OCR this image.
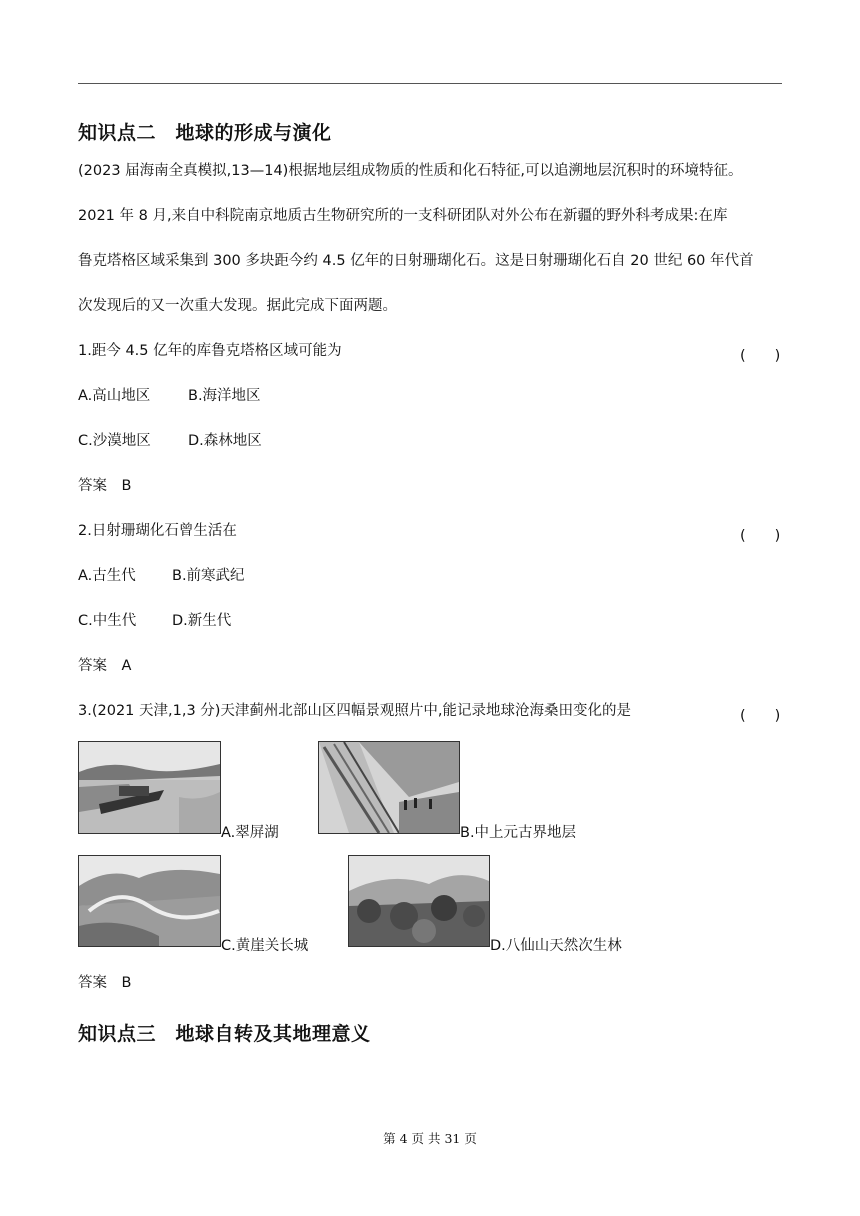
知识点二　地球的形成与演化
(2023 届海南全真模拟,13—14)根据地层组成物质的性质和化石特征,可以追溯地层沉积时的环境特征。
2021 年 8 月,来自中科院南京地质古生物研究所的一支科研团队对外公布在新疆的野外科考成果:在库
鲁克塔格区域采集到 300 多块距今约 4.5 亿年的日射珊瑚化石。这是日射珊瑚化石自 20 世纪 60 年代首
次发现后的又一次重大发现。据此完成下面两题。
1.距今 4.5 亿年的库鲁克塔格区域可能为	(　　)
A.高山地区	B.海洋地区
C.沙漠地区	D.森林地区
答案　B
2.日射珊瑚化石曾生活在	(　　)
A.古生代 B.前寒武纪
C.中生代 D.新生代
答案　A
3.(2021 天津,1,3 分)天津蓟州北部山区四幅景观照片中,能记录地球沧海桑田变化的是	(　　)
A.翠屏湖	B.中上元古界地层
C.黄崖关长城	D.八仙山天然次生林
答案　B
知识点三　地球自转及其地理意义
第 4 页 共 31 页
